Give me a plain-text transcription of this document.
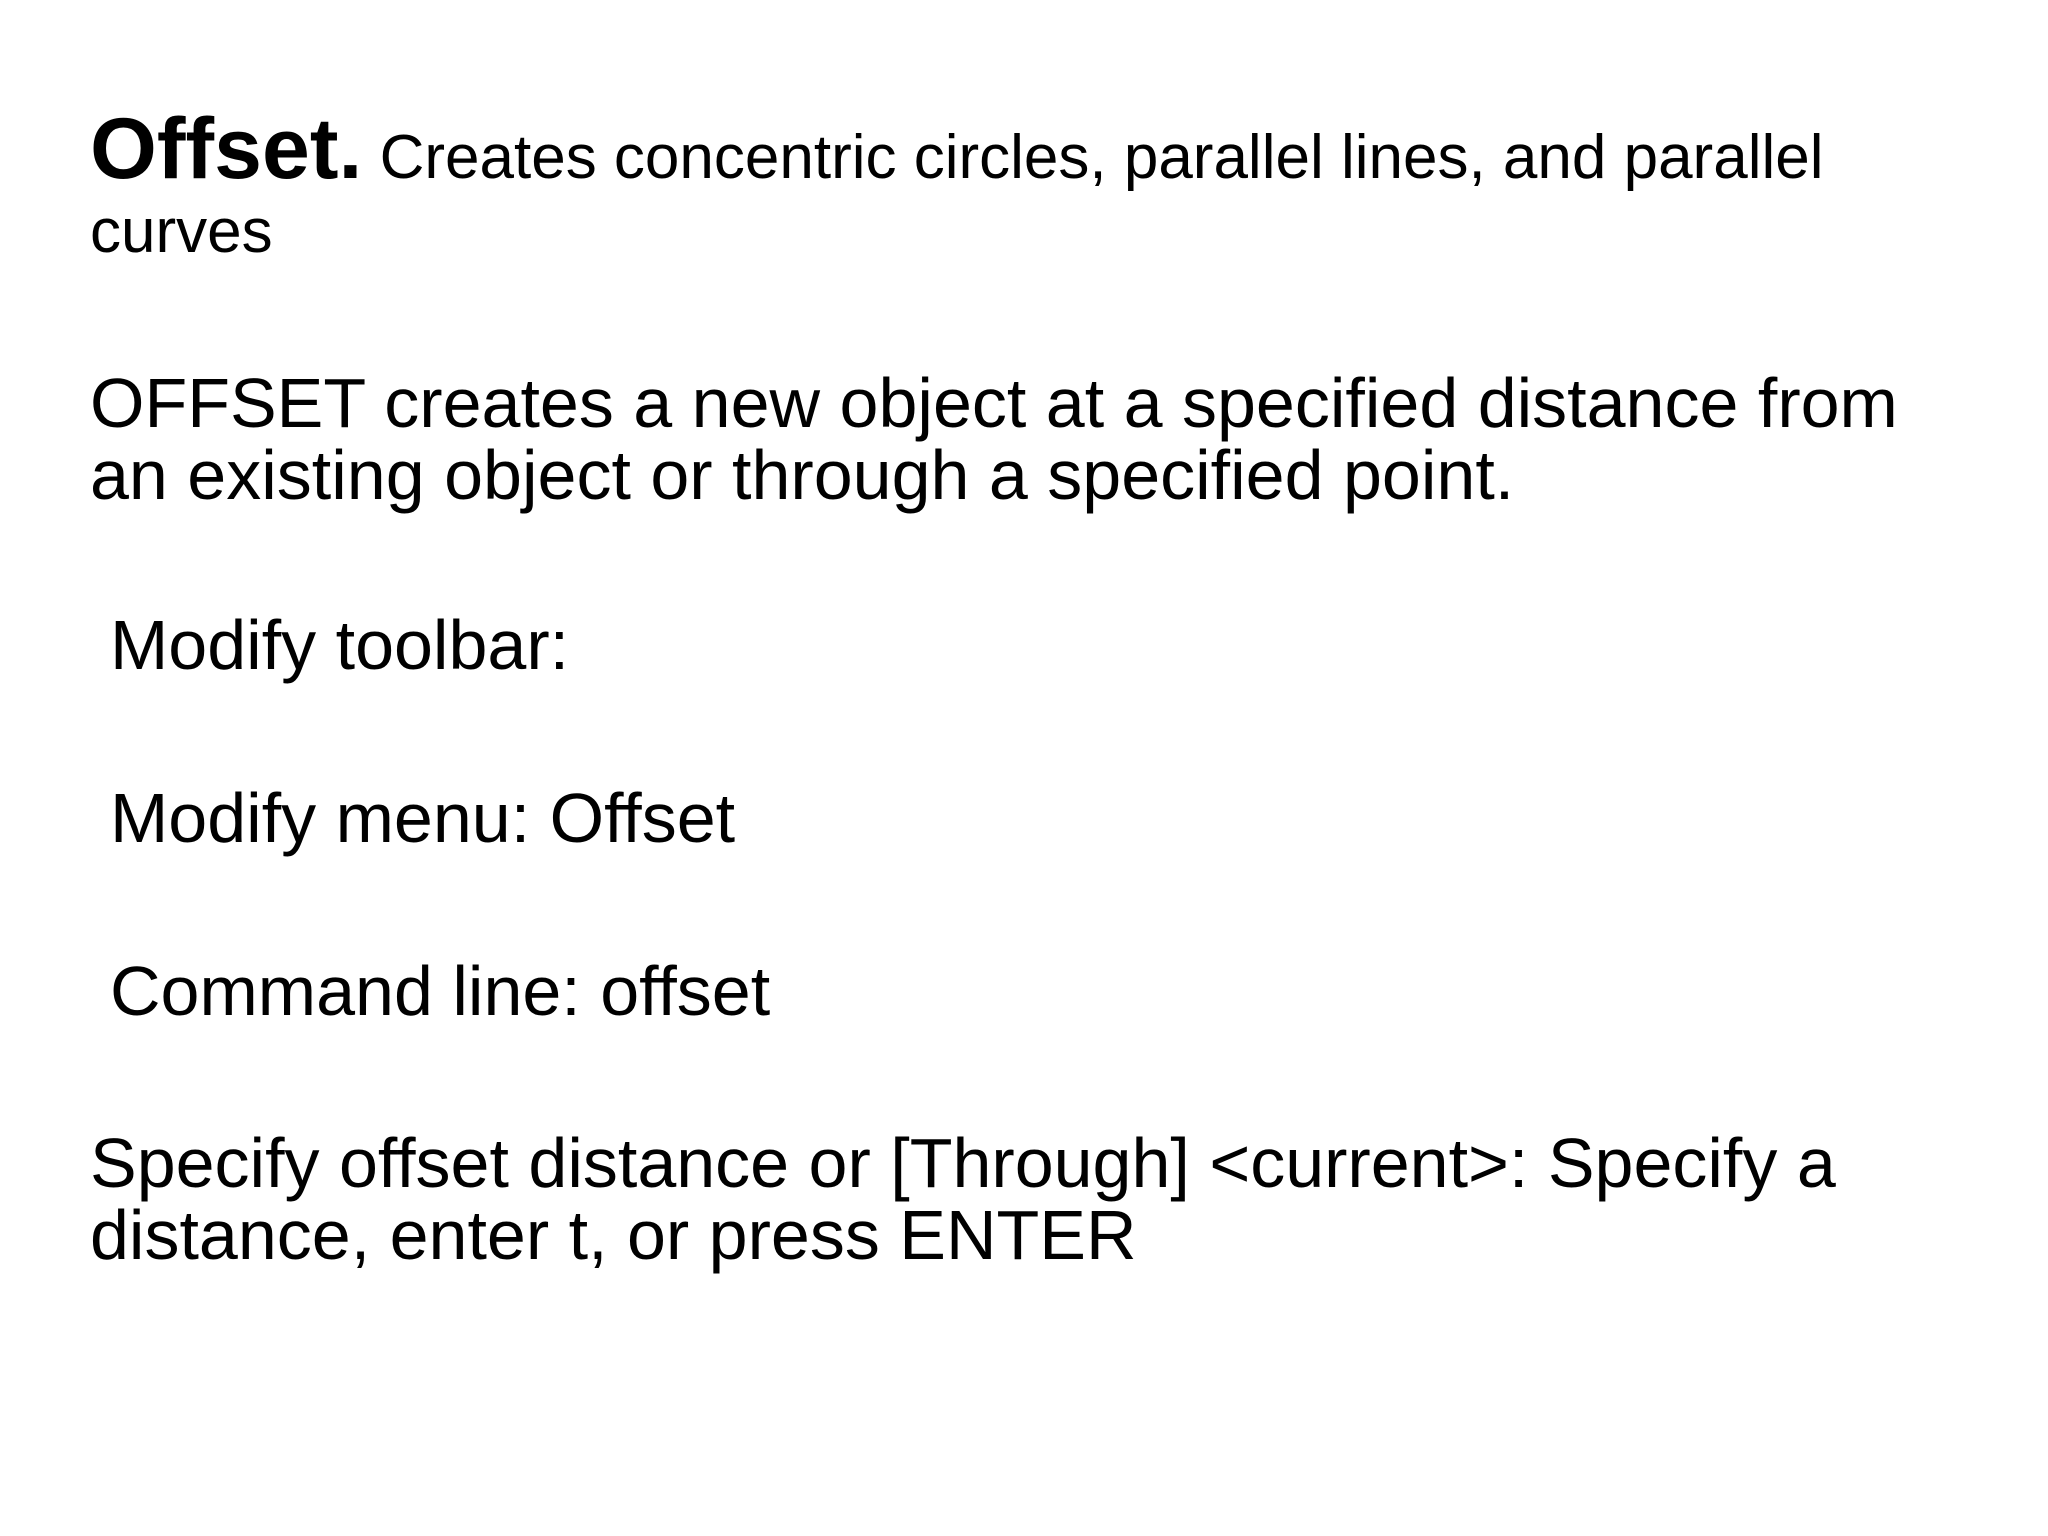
Offset. Creates concentric circles, parallel lines, and parallel curves

OFFSET creates a new object at a specified distance from an existing object or through a specified point.

Modify toolbar:

Modify menu: Offset

Command line: offset

Specify offset distance or [Through] <current>: Specify a distance, enter t, or press ENTER
